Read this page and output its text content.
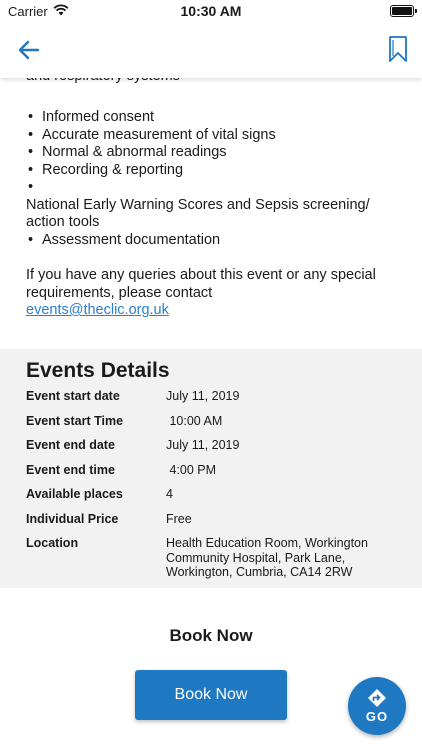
Carrier	10:30 AM
• Informed consent
• Accurate measurement of vital signs
• Normal & abnormal readings
• Recording & reporting
•

National Early Warning Scores and Sepsis screening/ action tools

• Assessment documentation

If you have any queries about this event or any special requirements, please contact
events@theclic.org.uk

Events Details
Event start date	July 11, 2019
Event start Time	10:00 AM
Event end date	July 11, 2019
Event end time	4:00 PM
Available places	4
Individual Price	Free
Location	Health Education Room, Workington Community Hospital, Park Lane, Workington, Cumbria, CA14 2RW
Book Now
Book Now
GO
